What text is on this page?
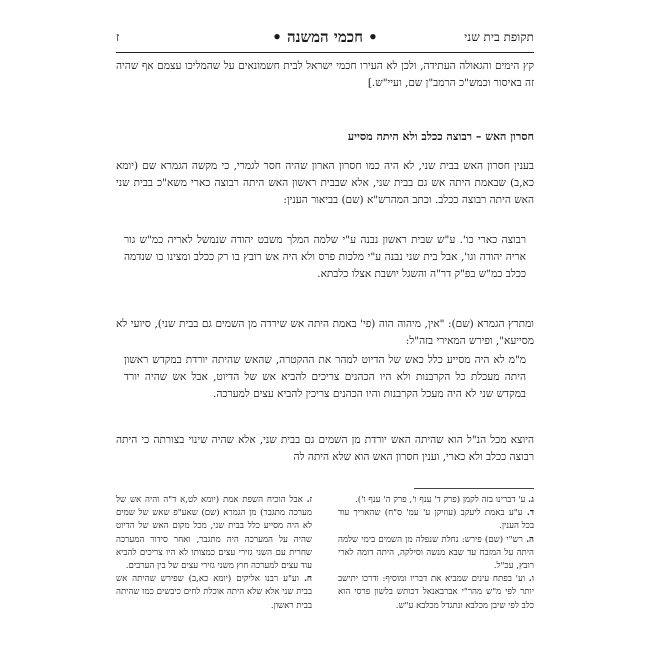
תקופת בית שני
• חכמי המשנה •
ז
קץ הימים והגאולה העתידה, ולכן לא העירו חכמי ישראל לבית חשמונאים על שהמליכו עצמם אף שהיה זה באיסור וכמש"כ הרמב"ן שם, ועיי"ש.]
חסרון האש – רבוצה ככלב ולא היתה מסייע
בענין חסרון האש בבית שני, לא היה כמו חסרון הארון שהיה חסר לגמרי, כי מקשה הגמרא שם (יומא כא,ב) שבאמת היתה אש גם בבית שני, אלא שבבית ראשון האש היתה רבוצה כארי משא"כ בבית שני האש היתה רבוצה ככלב. וכתב המהרש"א (שם) בביאור הענין:
רבוצה כארי כו'. ע"ש שבית ראשון נבנה ע"י שלמה המלך משבט יהודה שנמשל לאריה כמ"ש גור אריה יהודה וגו', אבל בית שני נבנה ע"י מלכות פרס ולא היה אש רובץ בו רק ככלב ומצינו בו שנדמה ככלב כמ"ש בפ"ק דר"ה והשגל יושבת אצלו כלבתא.
ומתרץ הגמרא (שם): "אין, מיהוה הוה (פי' באמת היתה אש שירדה מן השמים גם בבית שני), סיועי לא מסייעא", ופירש המאירי בזה"ל:
מ"מ לא היה מסייע כלל כאש של הדיוט למהר את ההקטרה, שהאש שהיתה יורדת במקדש ראשון היתה מעכלת כל הקרבנות ולא היו הכהנים צריכים להביא אש של הדיוט, אבל אש שהיה יורד במקדש שני לא היה מעכל הקרבנות והיו הכהנים צריכין להביא עצים למערכה.
היוצא מכל הנ"ל הוא שהיתה האש יורדת מן השמים גם בבית שני, אלא שהיה שינוי בצורתה כי היתה רבוצה ככלב ולא כארי, וענין חסרון האש הוא שלא היתה לה

ג. ע' דברינו בזה לקמן (פרק ד' ענף ו', פרק ה' ענף ו').

ד. ע"ע באמת ליעקב (עוזיקן ע' עמ' ס"ח) שהאריך עוד בכל הענין.

ה. רש"י (שם) פירש: נחלת שנפלה מן השמים בימי שלמה היתה על המזבח עד שבא מנשה וסילקה, היתה דומה לארי רובץ, עכ"ל.

ו. וע' בפתח עינים שמביא את דבריו ומוסיף: ודרכו יתישב יותר לפי מ"ש מהר"י אברבאנאל דכותש בלשון פרסי הוא כלב לפי שיבן מכלבא ונתגדל מכלבא ע"ש.

ז. אבל הוכיח השפת אמת (יומא לט,א ד"ה והיה אש של מערכה מתגבר) מן הגמרא (שם) שאע"פ שאש של שמים לא היה מסייע כלל בבית שני, מכל מקום האש של הדיוט שהיה על המערכה היה מתגבר, ואחר סידור המערכה שחרית עם השני גזירי עצים כמצותו לא היו צריכים להביא עוד עצים למערכה חוץ משני גזירי עצים של בין הערבים.

ח. וע"ע רבנו אליקים (יומא כא,ב) שפירש שהיתה אש בבית שני אלא שלא היתה אוכלת לחים כיבשים כמו שהיתה בבית ראשון.
